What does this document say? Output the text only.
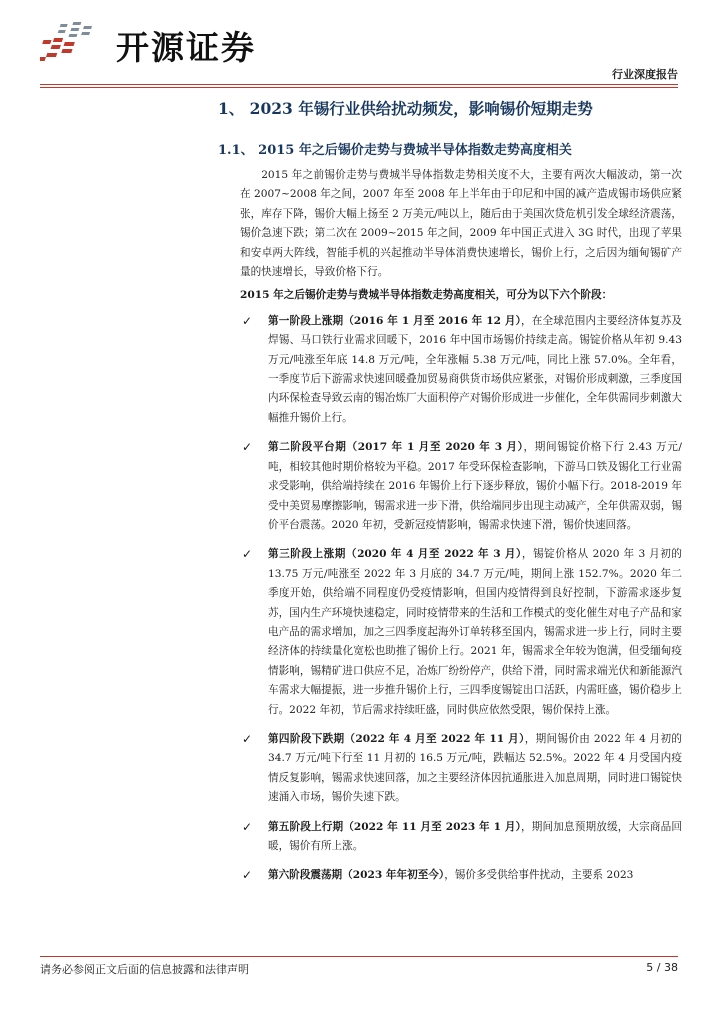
开源证券
行业深度报告
1、 2023 年锡行业供给扰动频发，影响锡价短期走势
1.1、 2015 年之后锡价走势与费城半导体指数走势高度相关

2015 年之前锡价走势与费城半导体指数走势相关度不大，主要有两次大幅波动，第一次在 2007~2008 年之间，2007 年至 2008 年上半年由于印尼和中国的减产造成锡市场供应紧张，库存下降，锡价大幅上扬至 2 万美元/吨以上，随后由于美国次贷危机引发全球经济震荡，锡价急速下跌；第二次在 2009~2015 年之间，2009 年中国正式进入 3G 时代，出现了苹果和安卓两大阵线，智能手机的兴起推动半导体消费快速增长，锡价上行，之后因为缅甸锡矿产量的快速增长，导致价格下行。

2015 年之后锡价走势与费城半导体指数走势高度相关，可分为以下六个阶段：

✓	第一阶段上涨期（2016 年 1 月至 2016 年 12 月），在全球范围内主要经济体复苏及焊锡、马口铁行业需求回暖下，2016 年中国市场锡价持续走高。锡锭价格从年初 9.43 万元/吨涨至年底 14.8 万元/吨，全年涨幅 5.38 万元/吨，同比上涨 57.0%。全年看，一季度节后下游需求快速回暖叠加贸易商供货市场供应紧张，对锡价形成刺激，三季度国内环保检查导致云南的锡冶炼厂大面积停产对锡价形成进一步催化，全年供需同步刺激大幅推升锡价上行。
✓	第二阶段平台期（2017 年 1 月至 2020 年 3 月），期间锡锭价格下行 2.43 万元/吨，相较其他时期价格较为平稳。2017 年受环保检查影响，下游马口铁及锡化工行业需求受影响，供给端持续在 2016 年锡价上行下逐步释放，锡价小幅下行。2018-2019 年受中美贸易摩擦影响，锡需求进一步下滑，供给端同步出现主动减产，全年供需双弱，锡价平台震荡。2020 年初，受新冠疫情影响，锡需求快速下滑，锡价快速回落。
✓	第三阶段上涨期（2020 年 4 月至 2022 年 3 月），锡锭价格从 2020 年 3 月初的 13.75 万元/吨涨至 2022 年 3 月底的 34.7 万元/吨，期间上涨 152.7%。2020 年二季度开始，供给端不同程度仍受疫情影响，但国内疫情得到良好控制，下游需求逐步复苏，国内生产环境快速稳定，同时疫情带来的生活和工作模式的变化催生对电子产品和家电产品的需求增加，加之三四季度起海外订单转移至国内，锡需求进一步上行，同时主要经济体的持续量化宽松也助推了锡价上行。2021 年，锡需求全年较为饱满，但受缅甸疫情影响，锡精矿进口供应不足，冶炼厂纷纷停产，供给下滑，同时需求端光伏和新能源汽车需求大幅提振，进一步推升锡价上行，三四季度锡锭出口活跃，内需旺盛，锡价稳步上行。2022 年初，节后需求持续旺盛，同时供应依然受限，锡价保持上涨。
✓	第四阶段下跌期（2022 年 4 月至 2022 年 11 月），期间锡价由 2022 年 4 月初的 34.7 万元/吨下行至 11 月初的 16.5 万元/吨，跌幅达 52.5%。2022 年 4 月受国内疫情反复影响，锡需求快速回落，加之主要经济体因抗通胀进入加息周期，同时进口锡锭快速涌入市场，锡价失速下跌。
✓	第五阶段上行期（2022 年 11 月至 2023 年 1 月），期间加息预期放缓，大宗商品回暖，锡价有所上涨。
✓	第六阶段震荡期（2023 年年初至今），锡价多受供给事件扰动，主要系 2023
请务必参阅正文后面的信息披露和法律声明	5 / 38
